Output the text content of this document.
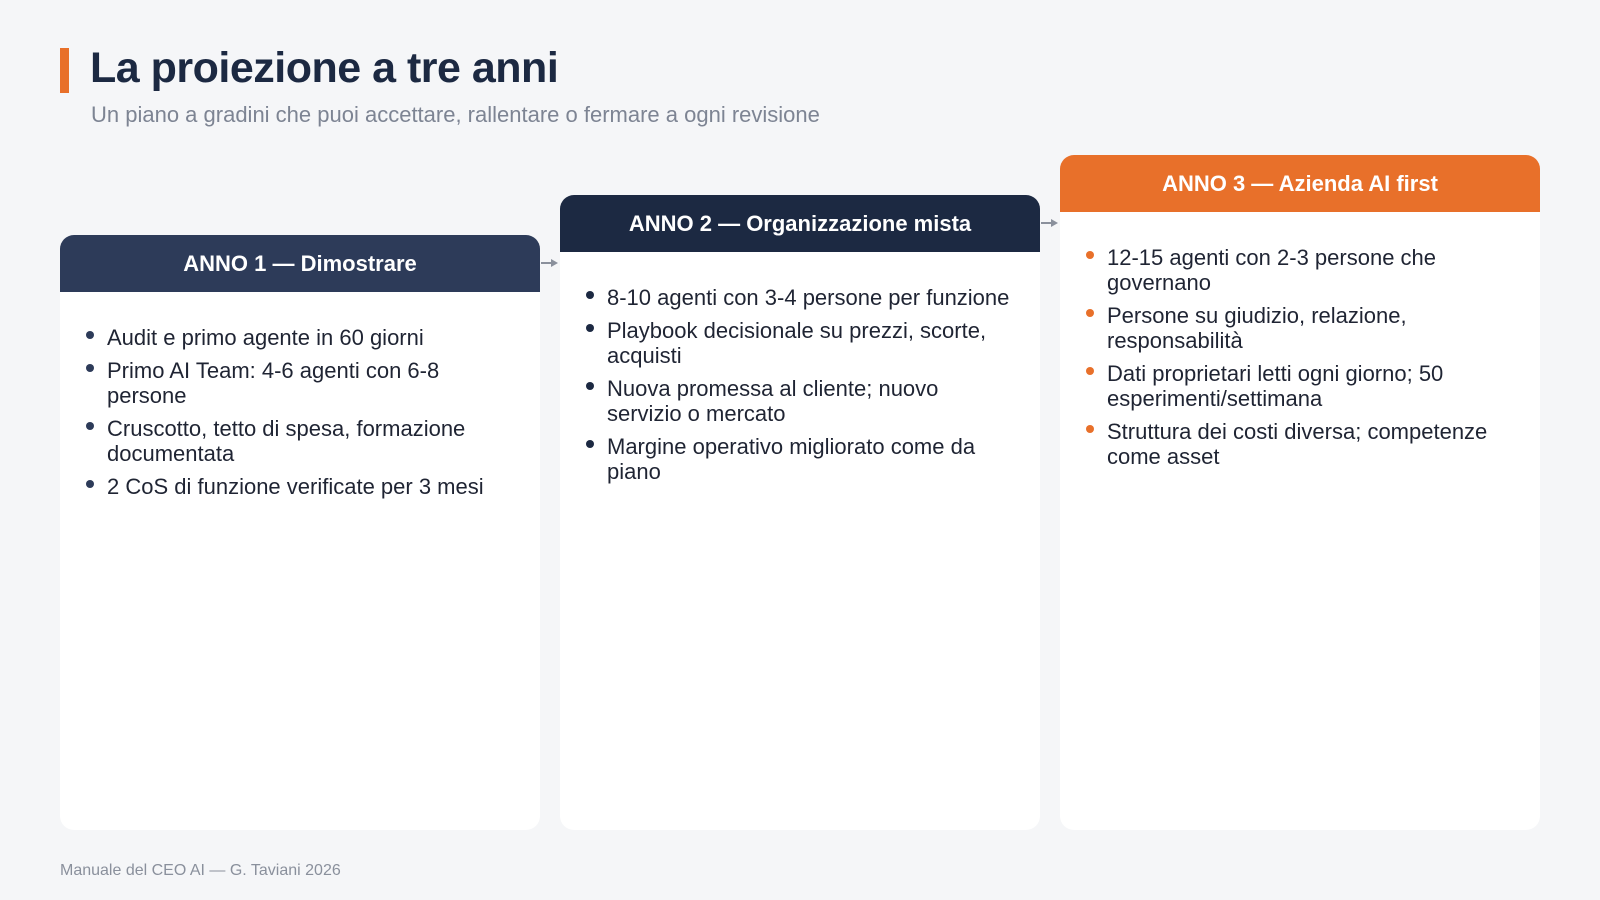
La proiezione a tre anni
Un piano a gradini che puoi accettare, rallentare o fermare a ogni revisione
ANNO 1 — Dimostrare
Audit e primo agente in 60 giorni
Primo AI Team: 4-6 agenti con 6-8 persone
Cruscotto, tetto di spesa, formazione documentata
2 CoS di funzione verificate per 3 mesi
ANNO 2 — Organizzazione mista
8-10 agenti con 3-4 persone per funzione
Playbook decisionale su prezzi, scorte, acquisti
Nuova promessa al cliente; nuovo servizio o mercato
Margine operativo migliorato come da piano
ANNO 3 — Azienda AI first
12-15 agenti con 2-3 persone che governano
Persone su giudizio, relazione, responsabilità
Dati proprietari letti ogni giorno; 50 esperimenti/settimana
Struttura dei costi diversa; competenze come asset
Manuale del CEO AI — G. Taviani 2026
